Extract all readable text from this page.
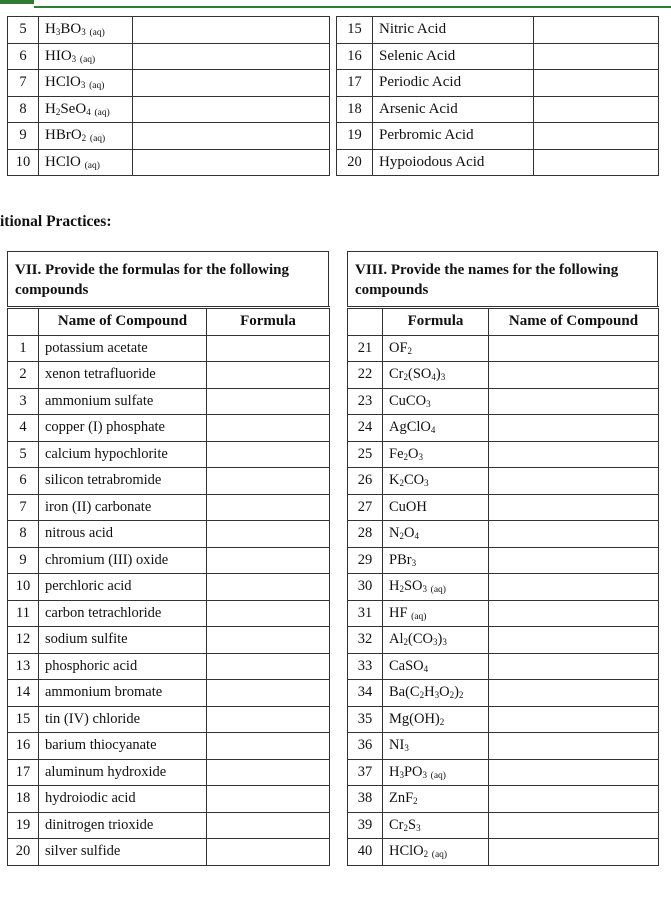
5	$H_3BO_3$ (aq)	
6	$HIO_3$ (aq)	
7	HClO$_3$ (aq)	
8	$H_2SeO_4$ (aq)	
9	HBrO$_2$ (aq)	
10	HClO (aq)	
15	Nitric Acid	
16	Selenic Acid	
17	Periodic Acid	
18	Arsenic Acid	
19	Perbromic Acid	
20	Hypoiodous Acid	
itional Practices:
VII. Provide the formulas for the following compounds
VIII. Provide the names for the following compounds
	Name of Compound	Formula
1	potassium acetate	
2	xenon tetrafluoride	
3	ammonium sulfate	
4	copper (I) phosphate	
5	calcium hypochlorite	
6	silicon tetrabromide	
7	iron (II) carbonate	
8	nitrous acid	
9	chromium (III) oxide	
10	perchloric acid	
11	carbon tetrachloride	
12	sodium sulfite	
13	phosphoric acid	
14	ammonium bromate	
15	tin (IV) chloride	
16	barium thiocyanate	
17	aluminum hydroxide	
18	hydroiodic acid	
19	dinitrogen trioxide	
20	silver sulfide	
	Formula	Name of Compound
21	$OF_2$	
22	$Cr_2(SO_4)_3$	
23	CuCO$_3$	
24	AgClO$_4$	
25	$Fe_2O_3$	
26	$K_2CO_3$	
27	CuOH	
28	$N_2O_4$	
29	PBr$_3$	
30	$H_2SO_3$ (aq)	
31	HF (aq)	
32	$Al_2(CO_3)_3$	
33	CaSO$_4$	
34	$Ba(C_2H_3O_2)_2$	
35	$Mg(OH)_2$	
36	$NI_3$	
37	$H_3PO_3$ (aq)	
38	ZnF$_2$	
39	$Cr_2S_3$	
40	HClO$_2$ (aq)	
